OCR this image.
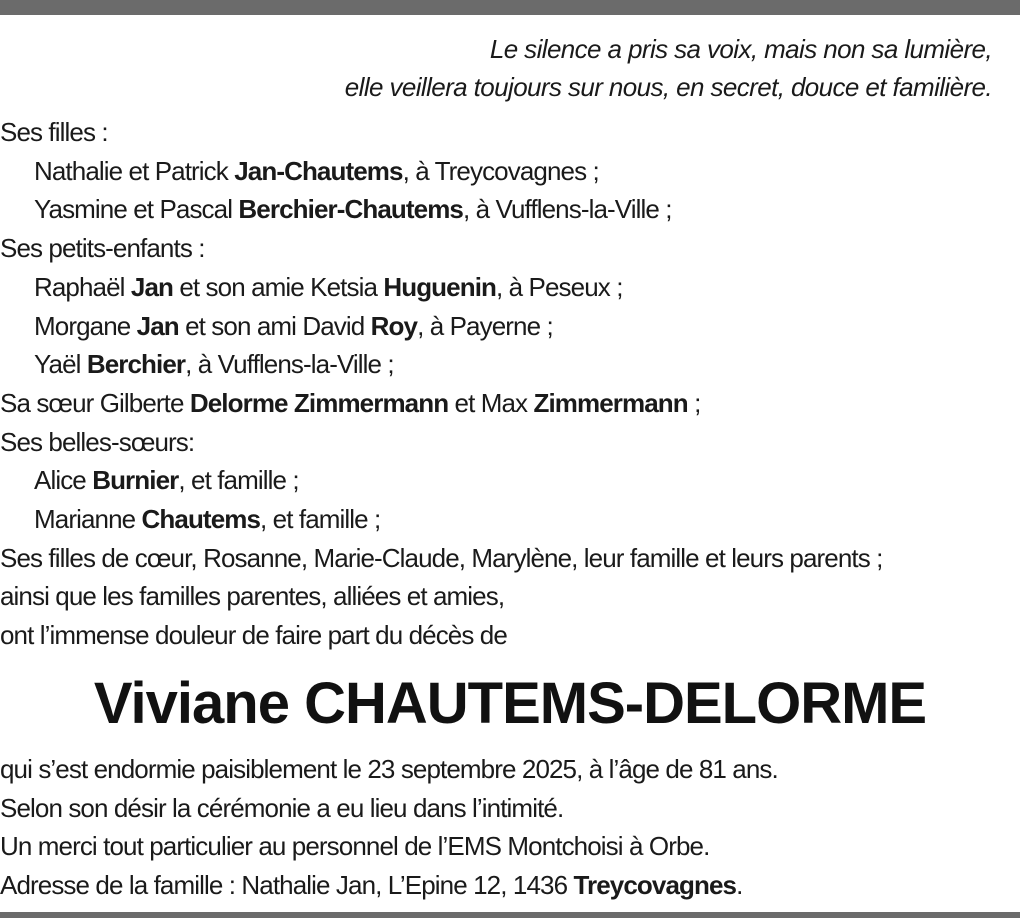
Le silence a pris sa voix, mais non sa lumière,
elle veillera toujours sur nous, en secret, douce et familière.
Ses filles :
Nathalie et Patrick Jan-Chautems, à Treycovagnes ;
Yasmine et Pascal Berchier-Chautems, à Vufflens-la-Ville ;
Ses petits-enfants :
Raphaël Jan et son amie Ketsia Huguenin, à Peseux ;
Morgane Jan et son ami David Roy, à Payerne ;
Yaël Berchier, à Vufflens-la-Ville ;
Sa sœur Gilberte Delorme Zimmermann et Max Zimmermann ;
Ses belles-sœurs:
Alice Burnier, et famille ;
Marianne Chautems, et famille ;
Ses filles de cœur, Rosanne, Marie-Claude, Marylène, leur famille et leurs parents ;
ainsi que les familles parentes, alliées et amies,
ont l’immense douleur de faire part du décès de
Viviane CHAUTEMS-DELORME
qui s’est endormie paisiblement le 23 septembre 2025, à l’âge de 81 ans.
Selon son désir la cérémonie a eu lieu dans l’intimité.
Un merci tout particulier au personnel de l’EMS Montchoisi à Orbe.
Adresse de la famille : Nathalie Jan, L’Epine 12, 1436 Treycovagnes.
